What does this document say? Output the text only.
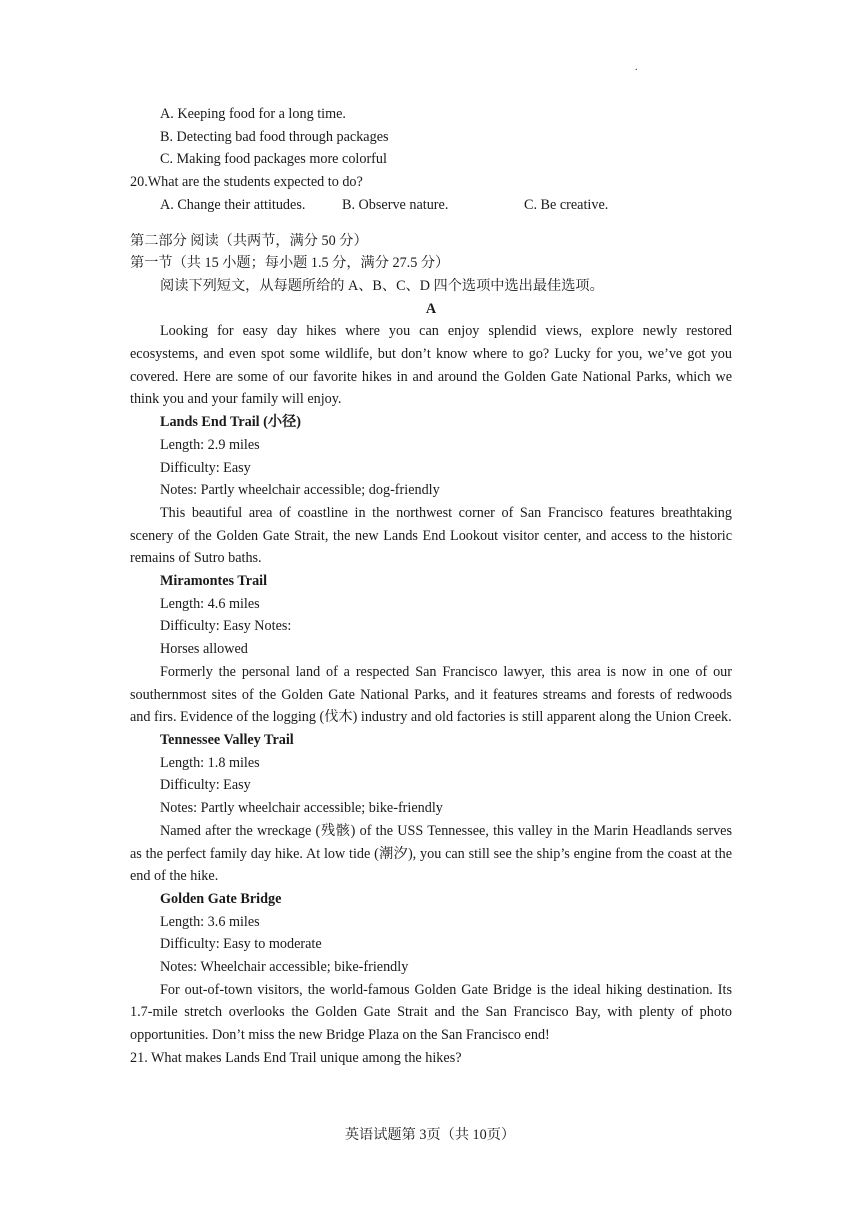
.
A. Keeping food for a long time.
B. Detecting bad food through packages
C. Making food packages more colorful
20.What are the students expected to do?
A. Change their attitudes.	B. Observe nature.	C. Be creative.
第二部分 阅读（共两节，满分 50 分）
第一节（共 15 小题；每小题 1.5 分，满分 27.5 分）
阅读下列短文，从每题所给的 A、B、C、D 四个选项中选出最佳选项。
A
Looking for easy day hikes where you can enjoy splendid views, explore newly restored ecosystems, and even spot some wildlife, but don’t know where to go? Lucky for you, we’ve got you covered. Here are some of our favorite hikes in and around the Golden Gate National Parks, which we think you and your family will enjoy.
Lands End Trail (小径)
Length: 2.9 miles
Difficulty: Easy
Notes: Partly wheelchair accessible; dog-friendly
This beautiful area of coastline in the northwest corner of San Francisco features breathtaking scenery of the Golden Gate Strait, the new Lands End Lookout visitor center, and access to the historic remains of Sutro baths.
Miramontes Trail
Length: 4.6 miles
Difficulty: Easy Notes:
Horses allowed
Formerly the personal land of a respected San Francisco lawyer, this area is now in one of our southernmost sites of the Golden Gate National Parks, and it features streams and forests of redwoods and firs. Evidence of the logging (伐木) industry and old factories is still apparent along the Union Creek.
Tennessee Valley Trail
Length: 1.8 miles
Difficulty: Easy
Notes: Partly wheelchair accessible; bike-friendly
Named after the wreckage (残骸) of the USS Tennessee, this valley in the Marin Headlands serves as the perfect family day hike. At low tide (潮汐), you can still see the ship’s engine from the coast at the end of the hike.
Golden Gate Bridge
Length: 3.6 miles
Difficulty: Easy to moderate
Notes: Wheelchair accessible; bike-friendly
For out-of-town visitors, the world-famous Golden Gate Bridge is the ideal hiking destination. Its 1.7-mile stretch overlooks the Golden Gate Strait and the San Francisco Bay, with plenty of photo opportunities. Don’t miss the new Bridge Plaza on the San Francisco end!
21. What makes Lands End Trail unique among the hikes?
英语试题第 3页（共 10页）
